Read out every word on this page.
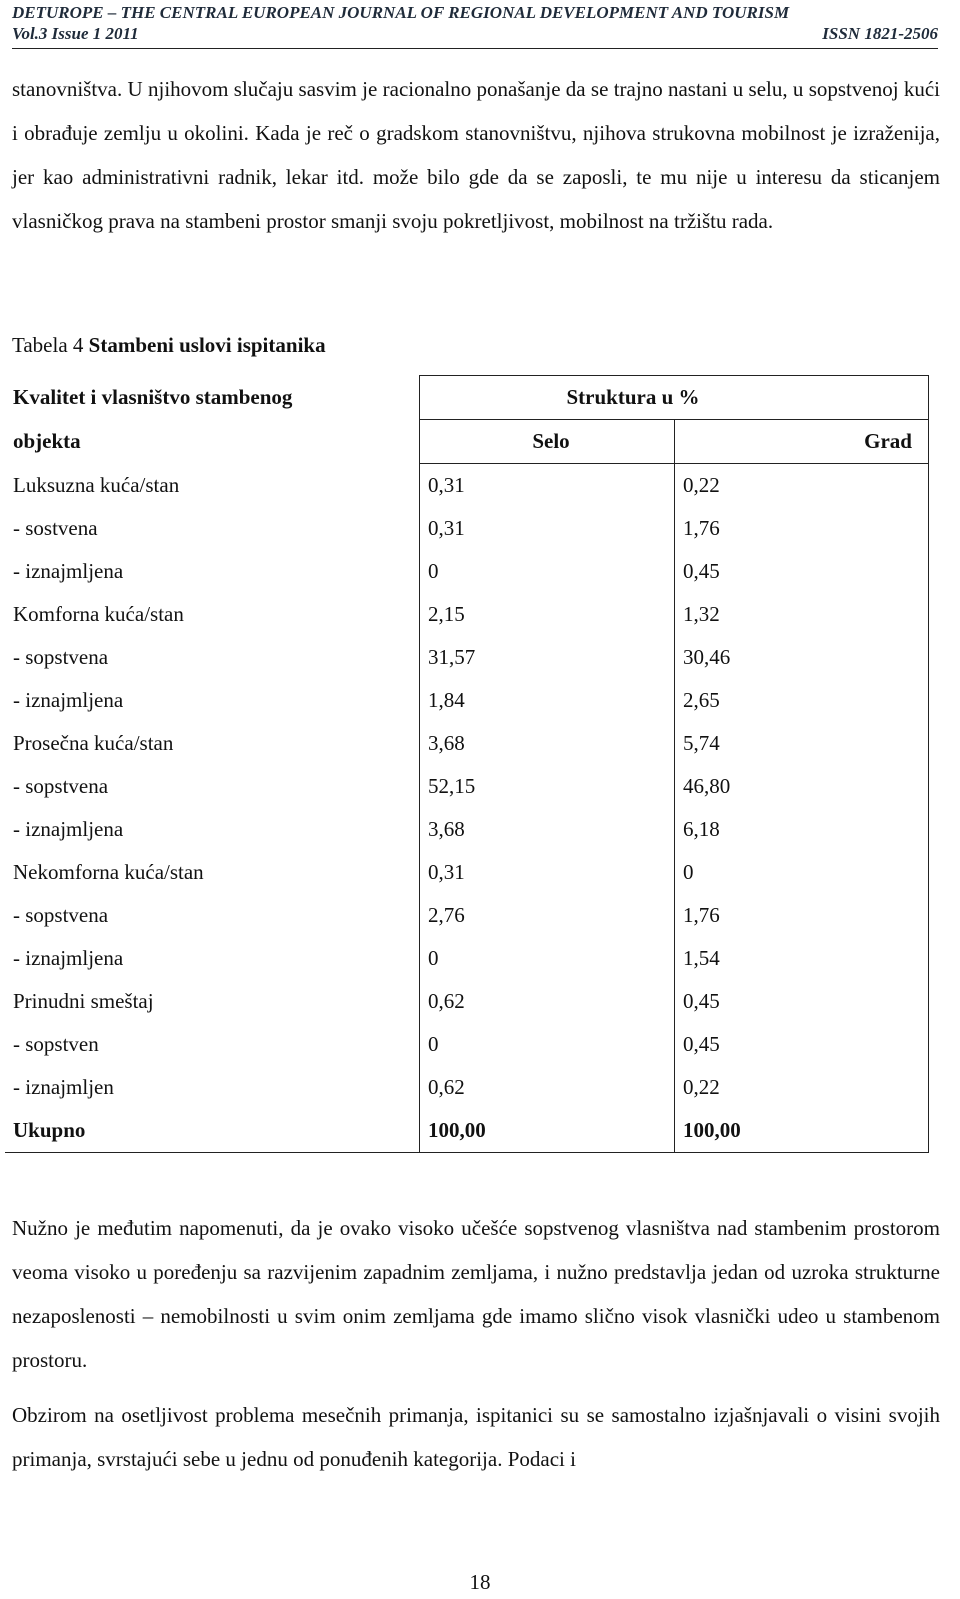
DETUROPE – THE CENTRAL EUROPEAN JOURNAL OF REGIONAL DEVELOPMENT AND TOURISM
Vol.3 Issue 1 2011	ISSN 1821-2506

stanovništva. U njihovom slučaju sasvim je racionalno ponašanje da se trajno nastani u selu, u sopstvenoj kući i obrađuje zemlju u okolini. Kada je reč o gradskom stanovništvu, njihova strukovna mobilnost je izraženija, jer kao administrativni radnik, lekar itd. može bilo gde da se zaposli, te mu nije u interesu da sticanjem vlasničkog prava na stambeni prostor smanji svoju pokretljivost, mobilnost na tržištu rada.

Tabela 4 Stambeni uslovi ispitanika
Kvalitet i vlasništvo stambenog	Struktura u %	
objekta	Selo	Grad
Luksuzna kuća/stan	0,31	0,22
- sostvena	0,31	1,76
- iznajmljena	0	0,45
Komforna kuća/stan	2,15	1,32
- sopstvena	31,57	30,46
- iznajmljena	1,84	2,65
Prosečna kuća/stan	3,68	5,74
- sopstvena	52,15	46,80
- iznajmljena	3,68	6,18
Nekomforna kuća/stan	0,31	0
- sopstvena	2,76	1,76
- iznajmljena	0	1,54
Prinudni smeštaj	0,62	0,45
- sopstven	0	0,45
- iznajmljen	0,62	0,22
Ukupno	100,00	100,00

Nužno je međutim napomenuti, da je ovako visoko učešće sopstvenog vlasništva nad stambenim prostorom veoma visoko u poređenju sa razvijenim zapadnim zemljama, i nužno predstavlja jedan od uzroka strukturne nezaposlenosti – nemobilnosti u svim onim zemljama gde imamo slično visok vlasnički udeo u stambenom prostoru.

Obzirom na osetljivost problema mesečnih primanja, ispitanici su se samostalno izjašnjavali o visini svojih primanja, svrstajući sebe u jednu od ponuđenih kategorija. Podaci i

18
